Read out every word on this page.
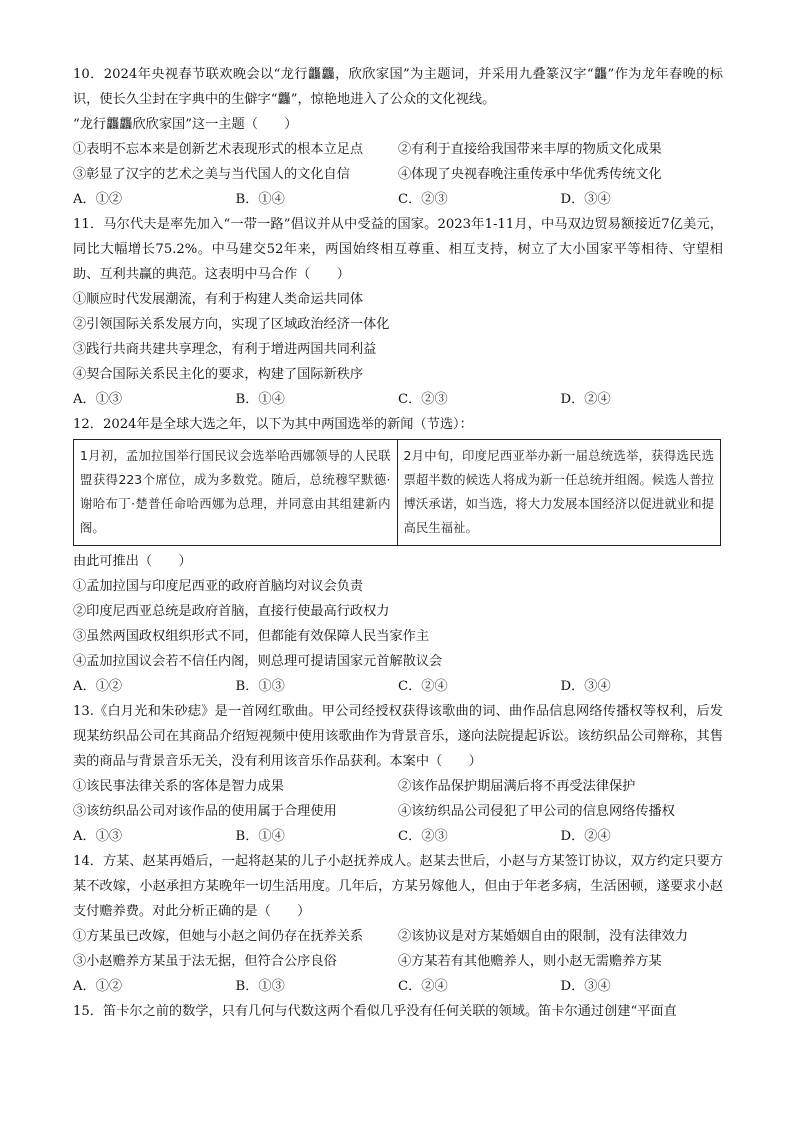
10．2024年央视春节联欢晚会以“龙行龘龘，欣欣家国”为主题词，并采用九叠篆汉字“龘”作为龙年春晚的标识，使长久尘封在字典中的生僻字“龘”，惊艳地进入了公众的文化视线。
“龙行龘龘欣欣家国”这一主题（　　）
①表明不忘本来是创新艺术表现形式的根本立足点	②有利于直接给我国带来丰厚的物质文化成果
③彰显了汉字的艺术之美与当代国人的文化自信	④体现了央视春晚注重传承中华优秀传统文化
A．①②	B．①④	C．②③	D．③④
11．马尔代夫是率先加入“一带一路”倡议并从中受益的国家。2023年1-11月，中马双边贸易额接近7亿美元，同比大幅增长75.2%。中马建交52年来，两国始终相互尊重、相互支持，树立了大小国家平等相待、守望相助、互利共赢的典范。这表明中马合作（　　）
①顺应时代发展潮流，有利于构建人类命运共同体
②引领国际关系发展方向，实现了区域政治经济一体化
③践行共商共建共享理念，有利于增进两国共同利益
④契合国际关系民主化的要求，构建了国际新秩序
A．①③	B．①④	C．②③	D．②④
12．2024年是全球大选之年，以下为其中两国选举的新闻（节选）：
1月初，孟加拉国举行国民议会选举哈西娜领导的人民联盟获得223个席位，成为多数党。随后，总统穆罕默德·谢哈布丁·楚普任命哈西娜为总理，并同意由其组建新内阁。	2月中旬，印度尼西亚举办新一届总统选举，获得选民选票超半数的候选人将成为新一任总统并组阁。候选人普拉博沃承诺，如当选，将大力发展本国经济以促进就业和提高民生福祉。
由此可推出（　　）
①孟加拉国与印度尼西亚的政府首脑均对议会负责
②印度尼西亚总统是政府首脑，直接行使最高行政权力
③虽然两国政权组织形式不同，但都能有效保障人民当家作主
④孟加拉国议会若不信任内阁，则总理可提请国家元首解散议会
A．①②	B．①③	C．②④	D．③④
13.《白月光和朱砂痣》是一首网红歌曲。甲公司经授权获得该歌曲的词、曲作品信息网络传播权等权利，后发现某纺织品公司在其商品介绍短视频中使用该歌曲作为背景音乐，遂向法院提起诉讼。该纺织品公司辩称，其售卖的商品与背景音乐无关，没有利用该音乐作品获利。本案中（　　）
①该民事法律关系的客体是智力成果	②该作品保护期届满后将不再受法律保护
③该纺织品公司对该作品的使用属于合理使用	④该纺织品公司侵犯了甲公司的信息网络传播权
A．①③	B．①④	C．②③	D．②④
14．方某、赵某再婚后，一起将赵某的儿子小赵抚养成人。赵某去世后，小赵与方某签订协议，双方约定只要方某不改嫁，小赵承担方某晚年一切生活用度。几年后，方某另嫁他人，但由于年老多病，生活困顿，遂要求小赵支付赡养费。对此分析正确的是（　　）
①方某虽已改嫁，但她与小赵之间仍存在抚养关系	②该协议是对方某婚姻自由的限制，没有法律效力
③小赵赡养方某虽于法无据，但符合公序良俗	④方某若有其他赡养人，则小赵无需赡养方某
A．①②	B．①③	C．②④	D．③④
15．笛卡尔之前的数学，只有几何与代数这两个看似几乎没有任何关联的领域。笛卡尔通过创建“平面直
